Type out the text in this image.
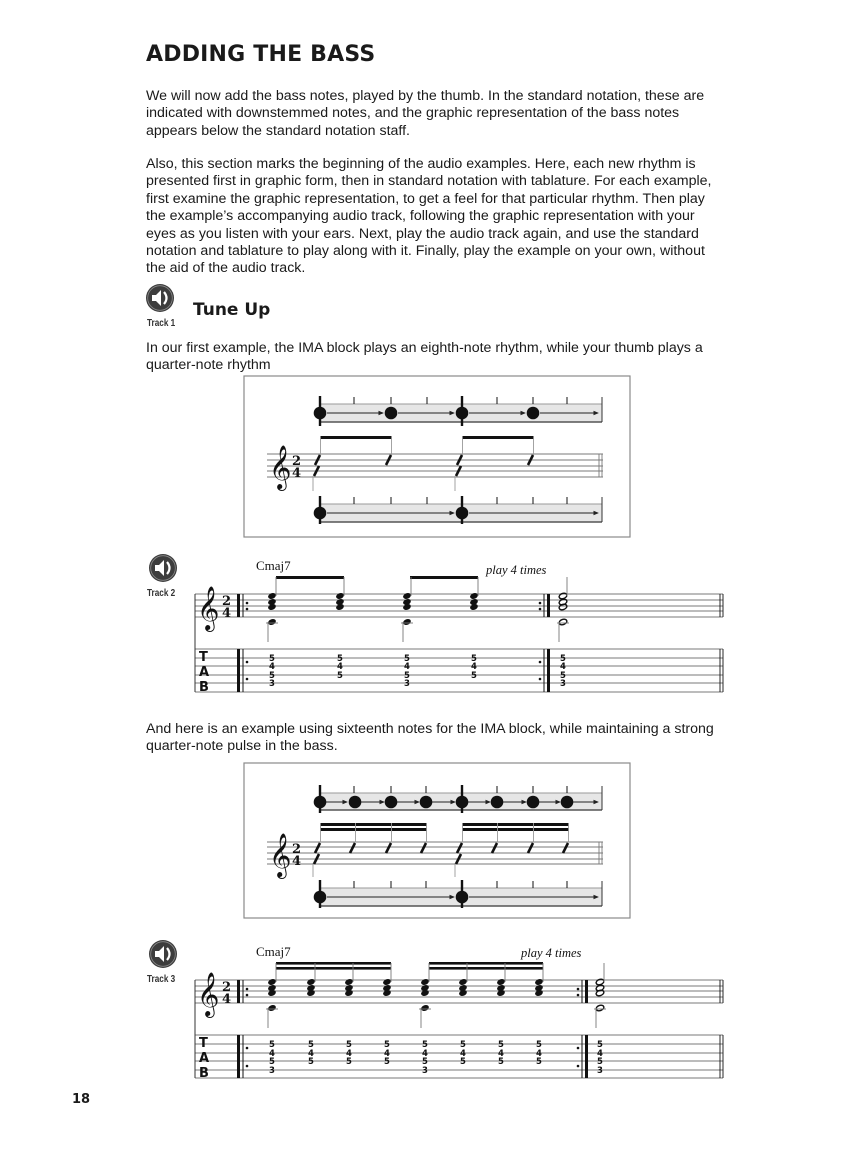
ADDING THE BASS
We will now add the bass notes, played by the thumb. In the standard notation, these are
indicated with downstemmed notes, and the graphic representation of the bass notes
appears below the standard notation staff.
Also, this section marks the beginning of the audio examples. Here, each new rhythm is
presented first in graphic form, then in standard notation with tablature. For each example,
first examine the graphic representation, to get a feel for that particular rhythm. Then play
the example’s accompanying audio track, following the graphic representation with your
eyes as you listen with your ears. Next, play the audio track again, and use the standard
notation and tablature to play along with it. Finally, play the example on your own, without
the aid of the audio track.
Track 1
Tune Up
In our first example, the IMA block plays an eighth-note rhythm, while your thumb plays a
quarter-note rhythm
Track 2
And here is an example using sixteenth notes for the IMA block, while maintaining a strong
quarter-note pulse in the bass.
Track 3
18
𝄞 2
4
Cmaj7	play 4 times
𝄞 2
4
T
A
B
5
4
5
3
5
4
5
5
4
5
3
5
4
5
5
4
5
3
𝄞 2
4
Cmaj7	play 4 times
𝄞 2
4
T
A
B
5
4
5
3
5
4
5
5
4
5
5
4
5
5
4
5
3
5
4
5
5
4
5
5
4
5
5
4
5
3
